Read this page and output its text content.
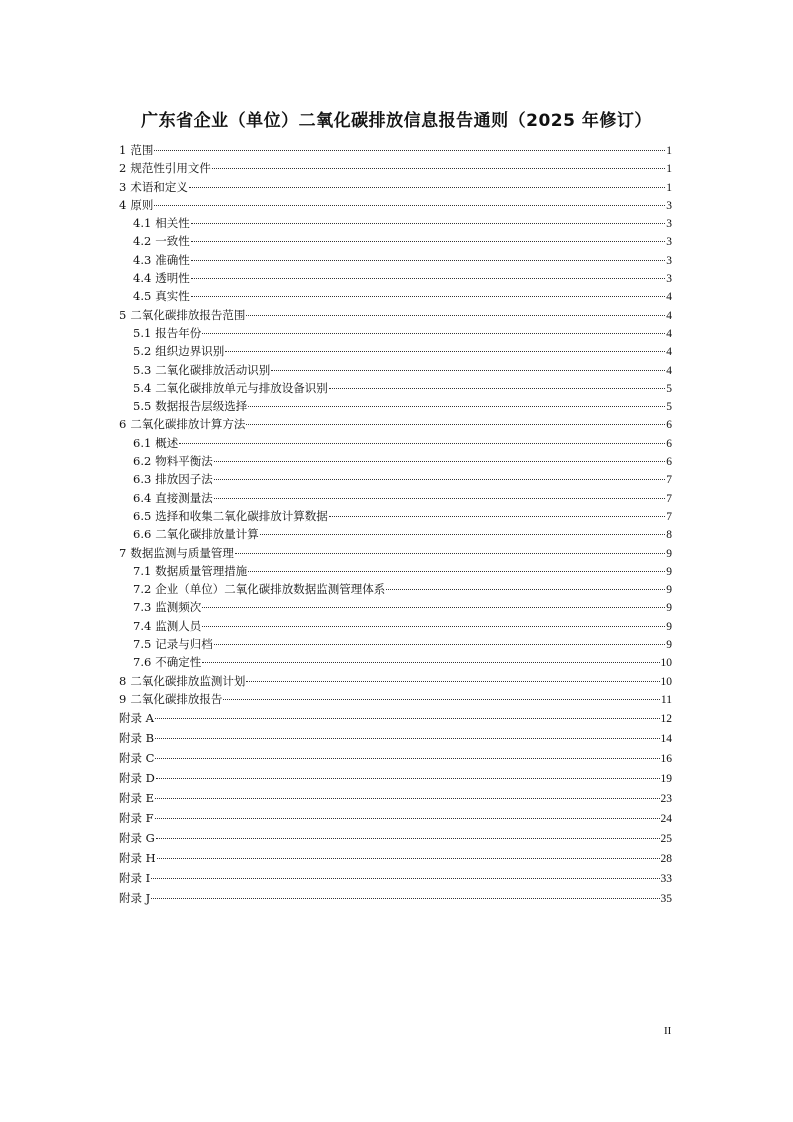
广东省企业（单位）二氧化碳排放信息报告通则（2025 年修订）
1 范围	1
2 规范性引用文件	1
3 术语和定义	1
4 原则	3
4.1 相关性	3
4.2 一致性	3
4.3 准确性	3
4.4 透明性	3
4.5 真实性	4
5 二氧化碳排放报告范围	4
5.1 报告年份	4
5.2 组织边界识别	4
5.3 二氧化碳排放活动识别	4
5.4 二氧化碳排放单元与排放设备识别	5
5.5 数据报告层级选择	5
6 二氧化碳排放计算方法	6
6.1 概述	6
6.2 物料平衡法	6
6.3 排放因子法	7
6.4 直接测量法	7
6.5 选择和收集二氧化碳排放计算数据	7
6.6 二氧化碳排放量计算	8
7 数据监测与质量管理	9
7.1 数据质量管理措施	9
7.2 企业（单位）二氧化碳排放数据监测管理体系	9
7.3 监测频次	9
7.4 监测人员	9
7.5 记录与归档	9
7.6 不确定性	10
8 二氧化碳排放监测计划	10
9 二氧化碳排放报告	11
附录 A	12
附录 B	14
附录 C	16
附录 D	19
附录 E	23
附录 F	24
附录 G	25
附录 H	28
附录 I	33
附录 J	35
II
